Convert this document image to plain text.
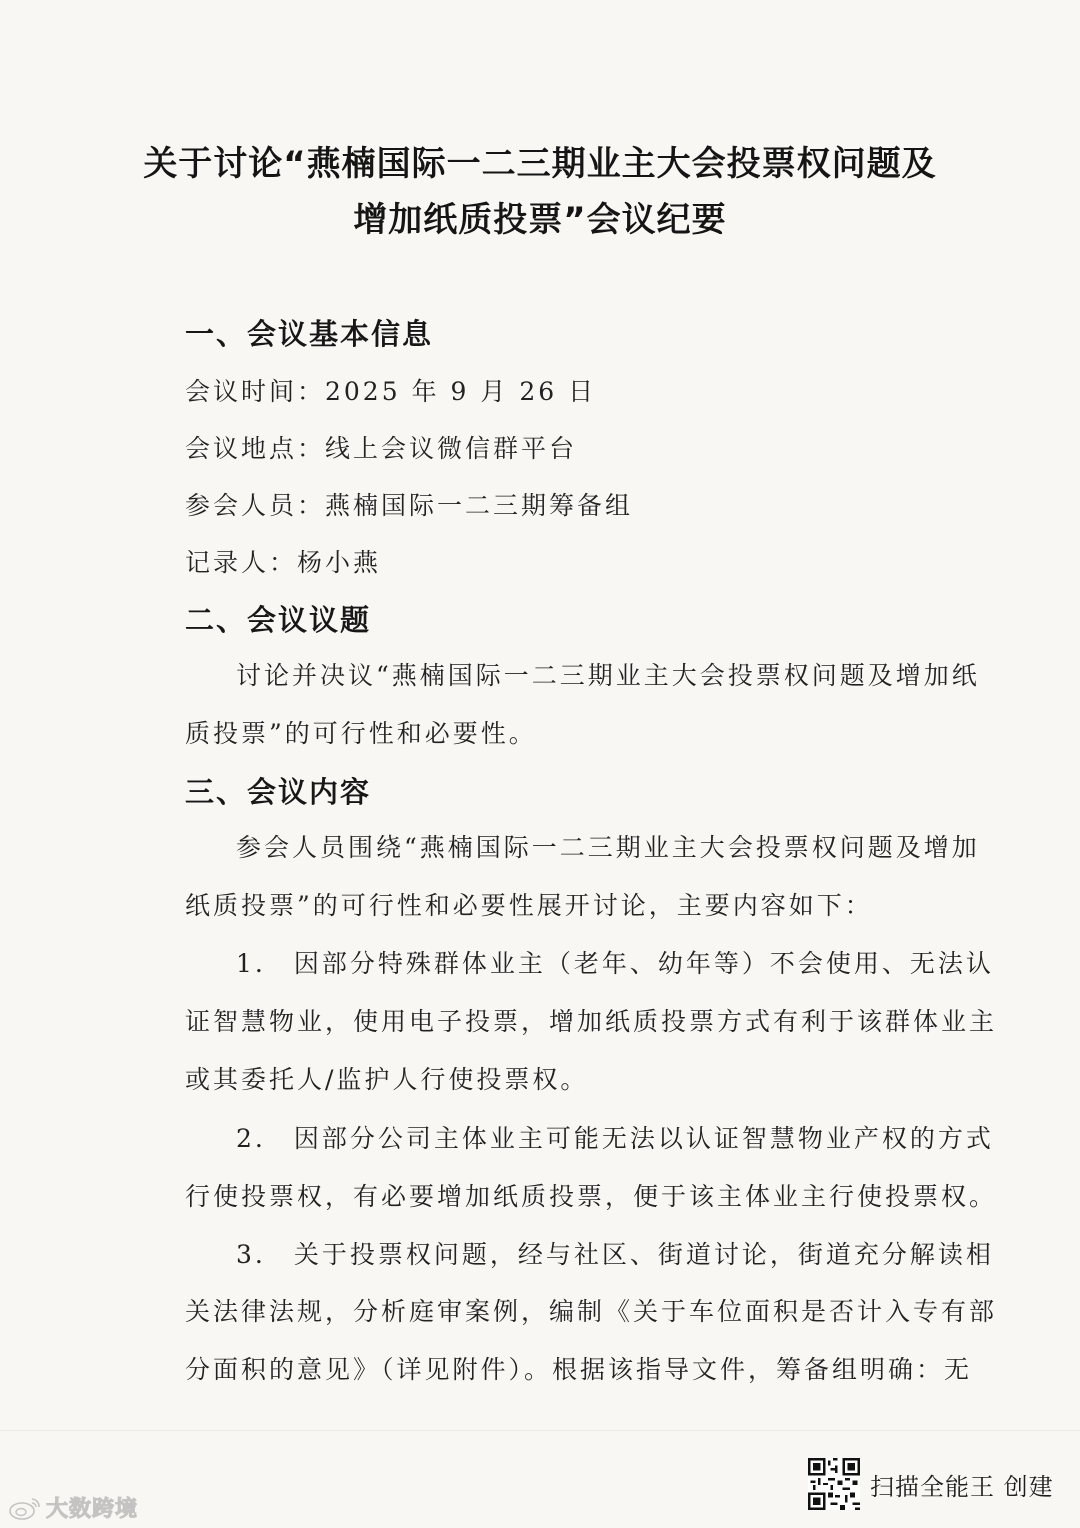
关于讨论“燕楠国际一二三期业主大会投票权问题及
增加纸质投票”会议纪要
一、会议基本信息
会议时间：2025 年 9 月 26 日
会议地点：线上会议微信群平台
参会人员：燕楠国际一二三期筹备组
记录人：杨小燕
二、会议议题
讨论并决议“燕楠国际一二三期业主大会投票权问题及增加纸
质投票”的可行性和必要性。
三、会议内容
参会人员围绕“燕楠国际一二三期业主大会投票权问题及增加
纸质投票”的可行性和必要性展开讨论，主要内容如下：
1.　因部分特殊群体业主（老年、幼年等）不会使用、无法认
证智慧物业，使用电子投票，增加纸质投票方式有利于该群体业主
或其委托人/监护人行使投票权。
2.　因部分公司主体业主可能无法以认证智慧物业产权的方式
行使投票权，有必要增加纸质投票，便于该主体业主行使投票权。
3.　关于投票权问题，经与社区、街道讨论，街道充分解读相
关法律法规，分析庭审案例，编制《关于车位面积是否计入专有部
分面积的意见》（详见附件）。根据该指导文件，筹备组明确：无
扫描全能王 创建
大数跨境
